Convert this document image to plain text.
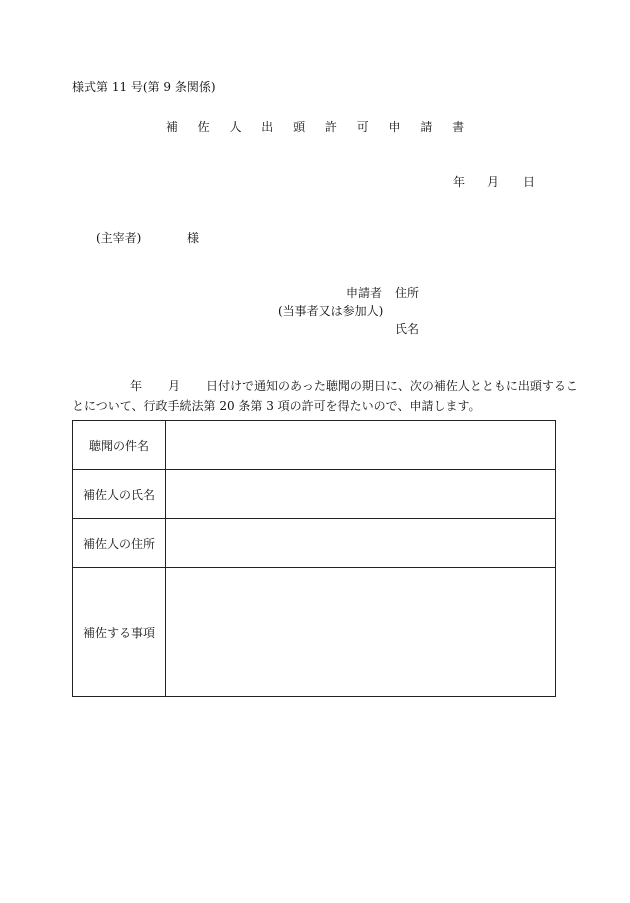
様式第 11 号(第 9 条関係)
補 佐 人 出 頭 許 可 申 請 書
年 月 日
(主宰者)	様
申請者 住所
(当事者又は参加人)
氏名
年 月 日付けで通知のあった聴聞の期日に、次の補佐人とともに出頭するこ
とについて、行政手続法第 20 条第 3 項の許可を得たいので、申請します。
聴聞の件名	
補佐人の氏名	
補佐人の住所	
補佐する事項	
